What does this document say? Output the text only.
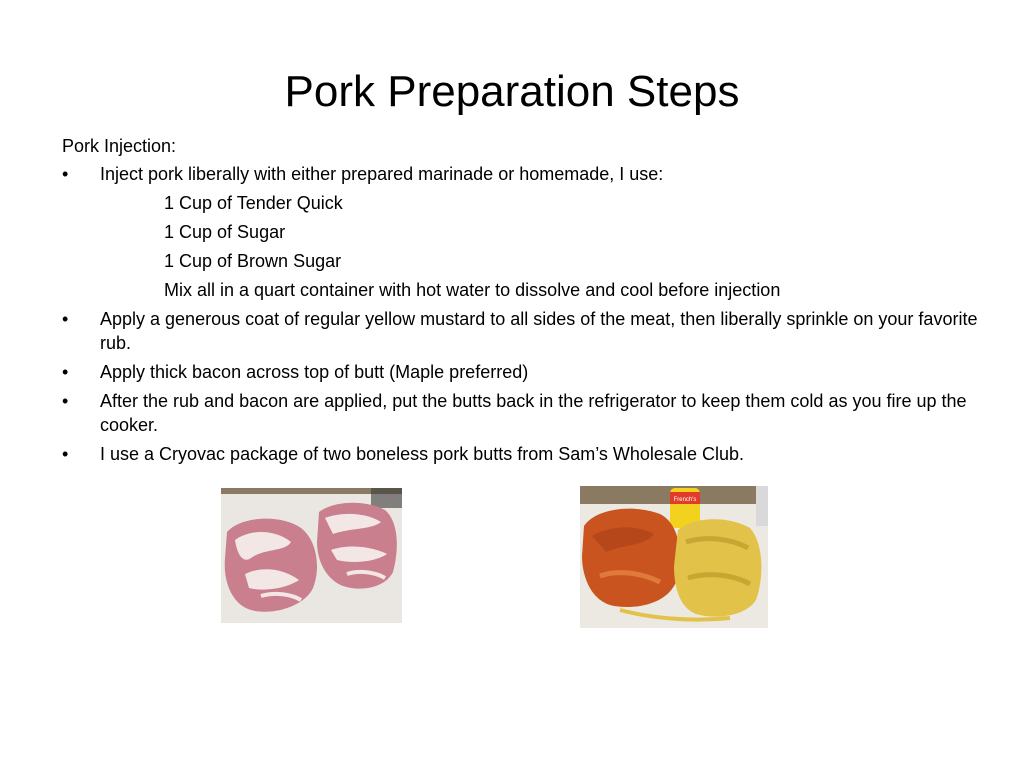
Pork Preparation Steps
Pork Injection:
• Inject pork liberally with either prepared marinade or homemade, I use:
1 Cup of Tender Quick
1 Cup of Sugar
1 Cup of Brown Sugar
Mix all in a quart container with hot water to dissolve and cool before injection
• Apply a generous coat of regular yellow mustard to all sides of the meat, then liberally sprinkle on your favorite rub.
• Apply thick bacon across top of butt (Maple preferred)
• After the rub and bacon are applied, put the butts back in the refrigerator to keep them cold as you fire up the cooker.
• I use a Cryovac package of two boneless pork butts from Sam’s Wholesale Club.
French's
